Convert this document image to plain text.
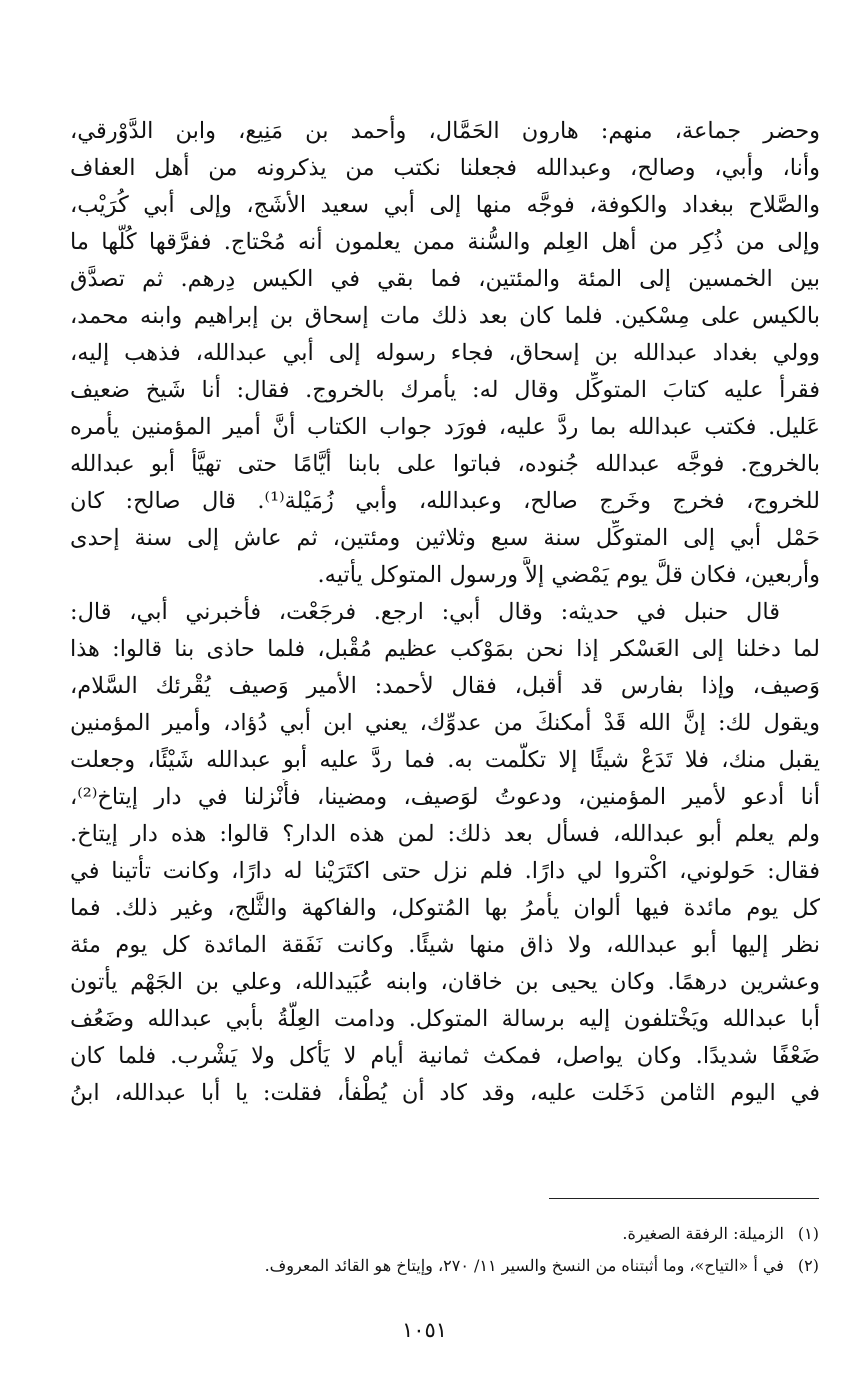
وحضر جماعة، منهم: هارون الحَمَّال، وأحمد بن مَنِيع، وابن الدَّوْرقي،
وأنا، وأبي، وصالح، وعبدالله فجعلنا نكتب من يذكرونه من أهل العفاف
والصَّلاح ببغداد والكوفة، فوجَّه منها إلى أبي سعيد الأشَج، وإلى أبي كُرَيْب،
وإلى من ذُكِر من أهل العِلم والسُّنة ممن يعلمون أنه مُحْتاج. ففرَّقها كُلَّها ما
بين الخمسين إلى المئة والمئتين، فما بقي في الكيس دِرهم. ثم تصدَّق
بالكيس على مِسْكين. فلما كان بعد ذلك مات إسحاق بن إبراهيم وابنه محمد،
وولي بغداد عبدالله بن إسحاق، فجاء رسوله إلى أبي عبدالله، فذهب إليه،
فقرأ عليه كتابَ المتوكِّل وقال له: يأمرك بالخروج. فقال: أنا شَيخ ضعيف
عَليل. فكتب عبدالله بما ردَّ عليه، فورَد جواب الكتاب أنَّ أمير المؤمنين يأمره
بالخروج. فوجَّه عبدالله جُنوده، فباتوا على بابنا أيَّامًا حتى تهيَّأ أبو عبدالله
للخروج، فخرج وخَرج صالح، وعبدالله، وأبي زُمَيْلة⁽¹⁾. قال صالح: كان
حَمْل أبي إلى المتوكِّل سنة سبع وثلاثين ومئتين، ثم عاش إلى سنة إحدى
وأربعين، فكان قلَّ يوم يَمْضي إلاَّ ورسول المتوكل يأتيه.
قال حنبل في حديثه: وقال أبي: ارجع. فرجَعْت، فأخبرني أبي، قال:
لما دخلنا إلى العَسْكر إذا نحن بمَوْكب عظيم مُقْبل، فلما حاذى بنا قالوا: هذا
وَصيف، وإذا بفارس قد أقبل، فقال لأحمد: الأمير وَصيف يُقْرئك السَّلام،
ويقول لك: إنَّ الله قَدْ أمكنكَ من عدوِّك، يعني ابن أبي دُؤاد، وأمير المؤمنين
يقبل منك، فلا تَدَعْ شيئًا إلا تكلَّمت به. فما ردَّ عليه أبو عبدالله شَيْئًا، وجعلت
أنا أدعو لأمير المؤمنين، ودعوتُ لوَصيف، ومضينا، فأُنْزلنا في دار إيتاخ⁽²⁾،
ولم يعلم أبو عبدالله، فسأل بعد ذلك: لمن هذه الدار؟ قالوا: هذه دار إيتاخ.
فقال: حَولوني، اكْتروا لي دارًا. فلم نزل حتى اكتَرَيْنا له دارًا، وكانت تأتينا في
كل يوم مائدة فيها ألوان يأمرُ بها المُتوكل، والفاكهة والثَّلج، وغير ذلك. فما
نظر إليها أبو عبدالله، ولا ذاق منها شيئًا. وكانت نَفَقة المائدة كل يوم مئة
وعشرين درهمًا. وكان يحيى بن خاقان، وابنه عُبَيدالله، وعلي بن الجَهْم يأتون
أبا عبدالله ويَخْتلفون إليه برسالة المتوكل. ودامت العِلَّةُ بأبي عبدالله وضَعُف
ضَعْفًا شديدًا. وكان يواصل، فمكث ثمانية أيام لا يَأكل ولا يَشْرب. فلما كان
في اليوم الثامن دَخَلت عليه، وقد كاد أن يُطْفأ، فقلت: يا أبا عبدالله، ابنُ
(١)الزميلة: الرفقة الصغيرة.
(٢)في أ «التياح»، وما أثبتناه من النسخ والسير ١١/ ٢٧٠، وإيتاخ هو القائد المعروف.
١٠٥١
